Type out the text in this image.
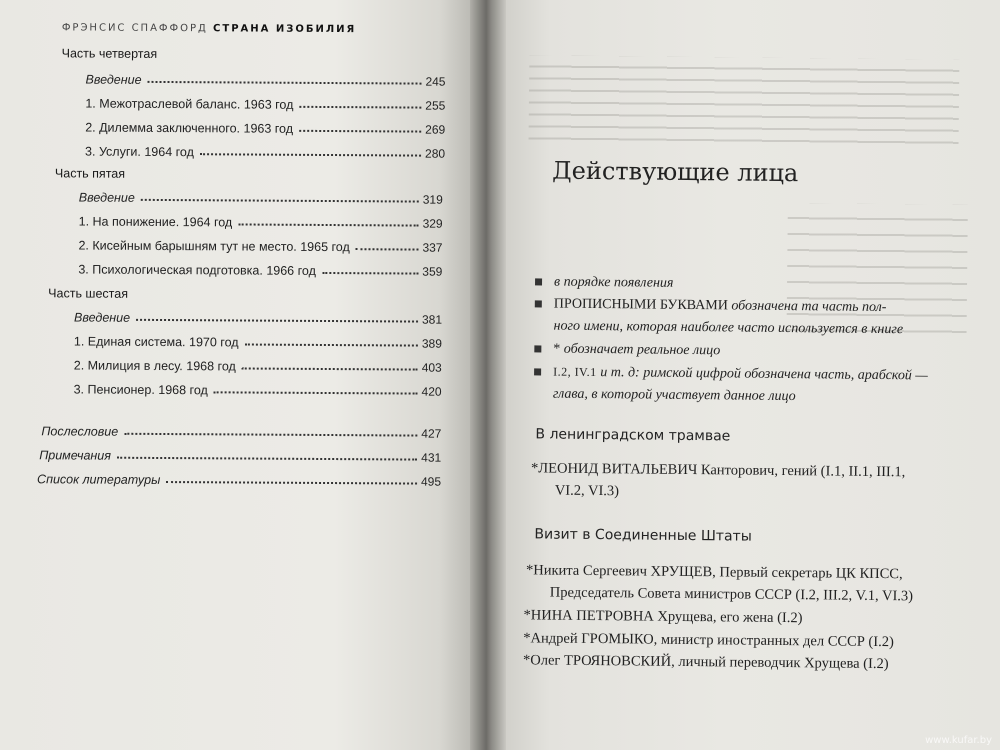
ФРЭНСИС СПАФФОРД СТРАНА ИЗОБИЛИЯ
Часть четвертая
Введение	245
1. Межотраслевой баланс. 1963 год	255
2. Дилемма заключенного. 1963 год	269
3. Услуги. 1964 год	280
Часть пятая
Введение	319
1. На понижение. 1964 год	329
2. Кисейным барышням тут не место. 1965 год	337
3. Психологическая подготовка. 1966 год	359
Часть шестая
Введение	381
1. Единая система. 1970 год	389
2. Милиция в лесу. 1968 год	403
3. Пенсионер. 1968 год	420
Послесловие	427
Примечания	431
Список литературы	495
Действующие лица
в порядке появления
ПРОПИСНЫМИ БУКВАМИ обозначена та часть пол-
ного имени, которая наиболее часто используется в книге
* обозначает реальное лицо
I.2, IV.1 и т. д: римской цифрой обозначена часть, арабской —
глава, в которой участвует данное лицо
В ленинградском трамвае
*ЛЕОНИД ВИТАЛЬЕВИЧ Канторович, гений (I.1, II.1, III.1,
VI.2, VI.3)
Визит в Соединенные Штаты
*Никита Сергеевич ХРУЩЕВ, Первый секретарь ЦК КПСС,
Председатель Совета министров СССР (I.2, III.2, V.1, VI.3)
*НИНА ПЕТРОВНА Хрущева, его жена (I.2)
*Андрей ГРОМЫКО, министр иностранных дел СССР (I.2)
*Олег ТРОЯНОВСКИЙ, личный переводчик Хрущева (I.2)
www.kufar.by
